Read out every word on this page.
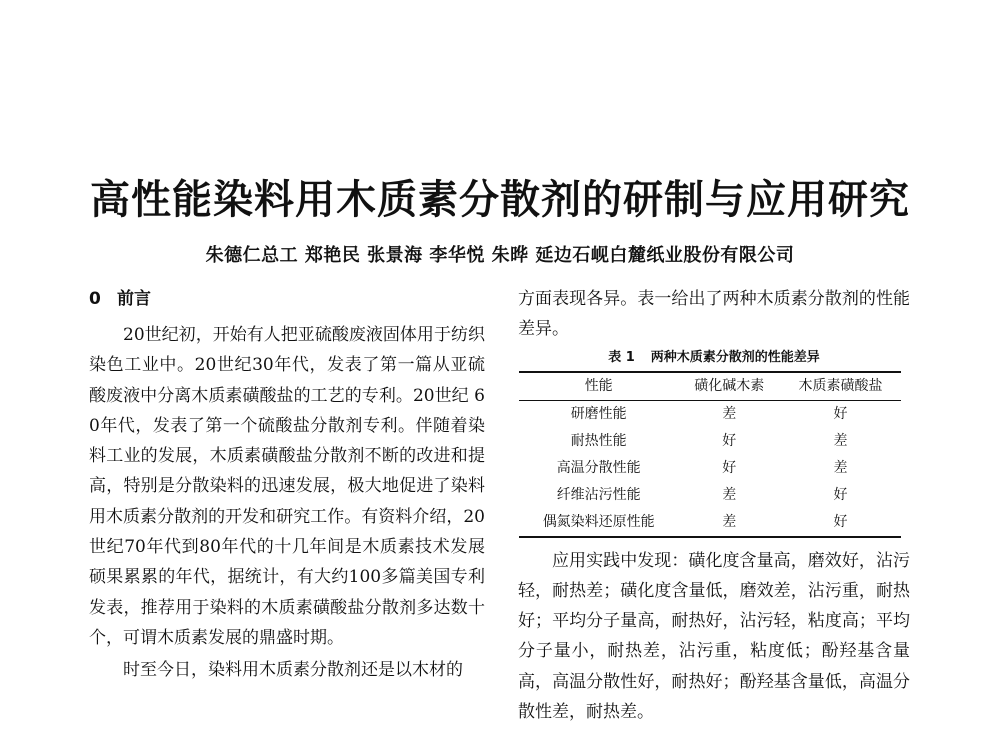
高性能染料用木质素分散剂的研制与应用研究
朱德仁总工 郑艳民 张景海 李华悦 朱晔 延边石岘白麓纸业股份有限公司
0 前言

20世纪初，开始有人把亚硫酸废液固体用于纺织染色工业中。20世纪30年代，发表了第一篇从亚硫酸废液中分离木质素磺酸盐的工艺的专利。20世纪 60年代，发表了第一个硫酸盐分散剂专利。伴随着染料工业的发展，木质素磺酸盐分散剂不断的改进和提高，特别是分散染料的迅速发展，极大地促进了染料用木质素分散剂的开发和研究工作。有资料介绍，20世纪70年代到80年代的十几年间是木质素技术发展硕果累累的年代，据统计，有大约100多篇美国专利发表，推荐用于染料的木质素磺酸盐分散剂多达数十个，可谓木质素发展的鼎盛时期。

时至今日，染料用木质素分散剂还是以木材的

方面表现各异。表一给出了两种木质素分散剂的性能差异。

表 1 两种木质素分散剂的性能差异
性能	磺化碱木素	木质素磺酸盐
研磨性能	差	好
耐热性能	好	差
高温分散性能	好	差
纤维沾污性能	差	好
偶氮染料还原性能	差	好

应用实践中发现：磺化度含量高，磨效好，沾污轻，耐热差；磺化度含量低，磨效差，沾污重，耐热好；平均分子量高，耐热好，沾污轻，粘度高；平均分子量小，耐热差，沾污重，粘度低；酚羟基含量高，高温分散性好，耐热好；酚羟基含量低，高温分散性差，耐热差。
